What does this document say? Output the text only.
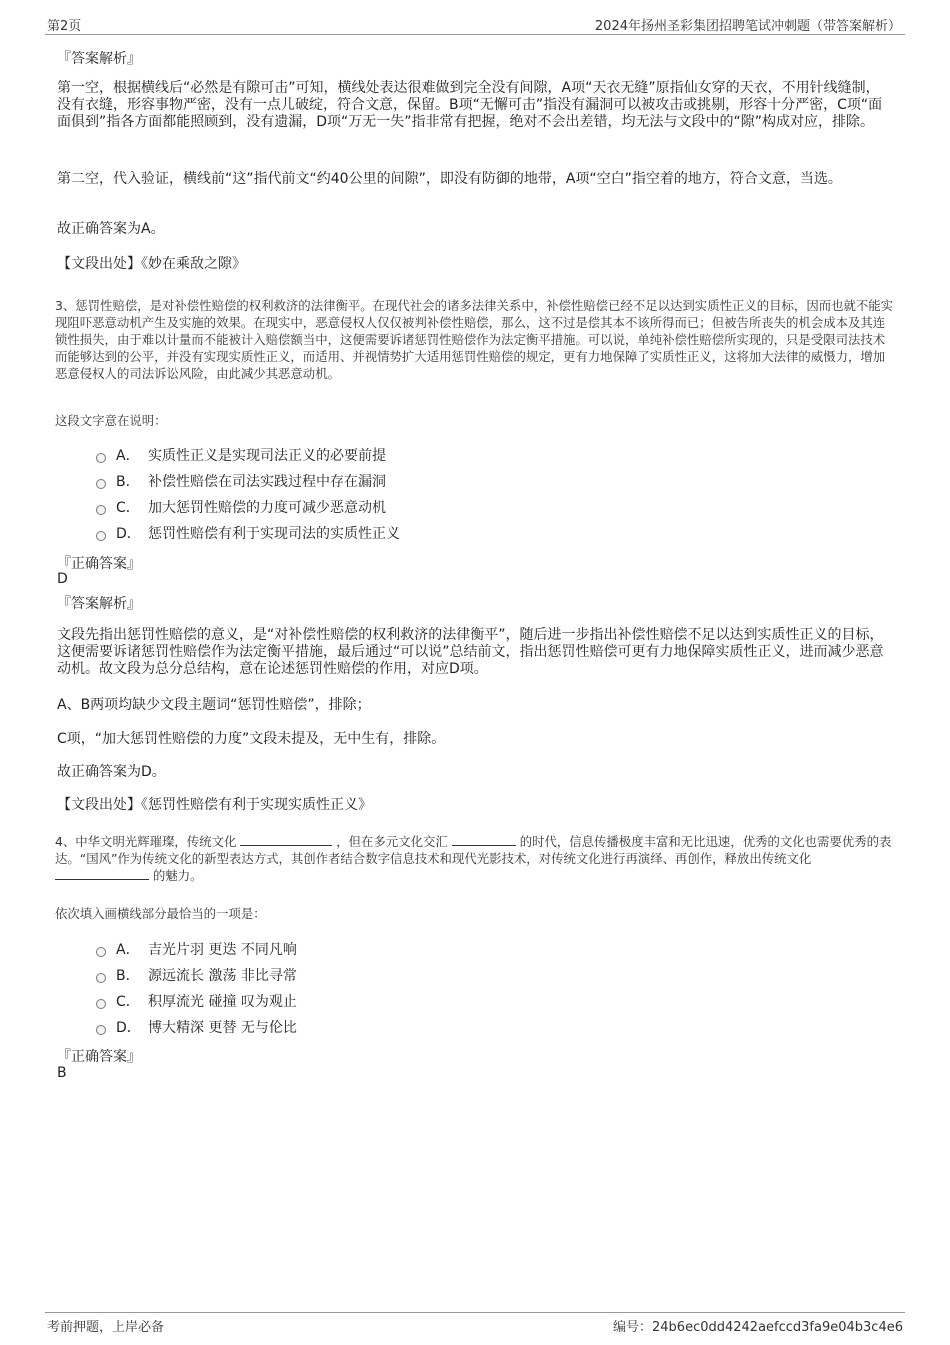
第2页	2024年扬州圣彩集团招聘笔试冲刺题（带答案解析）
『答案解析』
第一空，根据横线后“必然是有隙可击”可知，横线处表达很难做到完全没有间隙，A项“天衣无缝”原指仙女穿的天衣，不用针线缝制，没有衣缝，形容事物严密，没有一点儿破绽，符合文意，保留。B项“无懈可击”指没有漏洞可以被攻击或挑剔，形容十分严密，C项“面面俱到”指各方面都能照顾到，没有遗漏，D项“万无一失”指非常有把握，绝对不会出差错，均无法与文段中的“隙”构成对应，排除。
第二空，代入验证，横线前“这”指代前文“约40公里的间隙”，即没有防御的地带，A项“空白”指空着的地方，符合文意，当选。
故正确答案为A。
【文段出处】《妙在乘敌之隙》
3、惩罚性赔偿，是对补偿性赔偿的权利救济的法律衡平。在现代社会的诸多法律关系中，补偿性赔偿已经不足以达到实质性正义的目标，因而也就不能实现阻吓恶意动机产生及实施的效果。在现实中，恶意侵权人仅仅被判补偿性赔偿，那么，这不过是偿其本不该所得而已；但被告所丧失的机会成本及其连锁性损失，由于难以计量而不能被计入赔偿额当中，这便需要诉诸惩罚性赔偿作为法定衡平措施。可以说，单纯补偿性赔偿所实现的，只是受限司法技术而能够达到的公平，并没有实现实质性正义，而适用、并视情势扩大适用惩罚性赔偿的规定，更有力地保障了实质性正义，这将加大法律的威慑力，增加恶意侵权人的司法诉讼风险，由此减少其恶意动机。
这段文字意在说明：
A． 实质性正义是实现司法正义的必要前提
B． 补偿性赔偿在司法实践过程中存在漏洞
C． 加大惩罚性赔偿的力度可减少恶意动机
D． 惩罚性赔偿有利于实现司法的实质性正义
『正确答案』
D
『答案解析』
文段先指出惩罚性赔偿的意义，是“对补偿性赔偿的权利救济的法律衡平”，随后进一步指出补偿性赔偿不足以达到实质性正义的目标，这便需要诉诸惩罚性赔偿作为法定衡平措施，最后通过“可以说”总结前文，指出惩罚性赔偿可更有力地保障实质性正义，进而减少恶意动机。故文段为总分总结构，意在论述惩罚性赔偿的作用，对应D项。
A、B两项均缺少文段主题词“惩罚性赔偿”，排除；
C项，“加大惩罚性赔偿的力度”文段未提及，无中生有，排除。
故正确答案为D。
【文段出处】《惩罚性赔偿有利于实现实质性正义》
4、中华文明光辉璀璨，传统文化	，但在多元文化交汇	的时代，信息传播极度丰富和无比迅速，优秀的文化也需要优秀的表达。“国风”作为传统文化的新型表达方式，其创作者结合数字信息技术和现代光影技术，对传统文化进行再演绎、再创作，释放出传统文化  的魅力。
依次填入画横线部分最恰当的一项是：
A． 吉光片羽 更迭 不同凡响
B． 源远流长 激荡 非比寻常
C． 积厚流光 碰撞 叹为观止
D． 博大精深 更替 无与伦比
『正确答案』
B
考前押题，上岸必备	编号：24b6ec0dd4242aefccd3fa9e04b3c4e6
